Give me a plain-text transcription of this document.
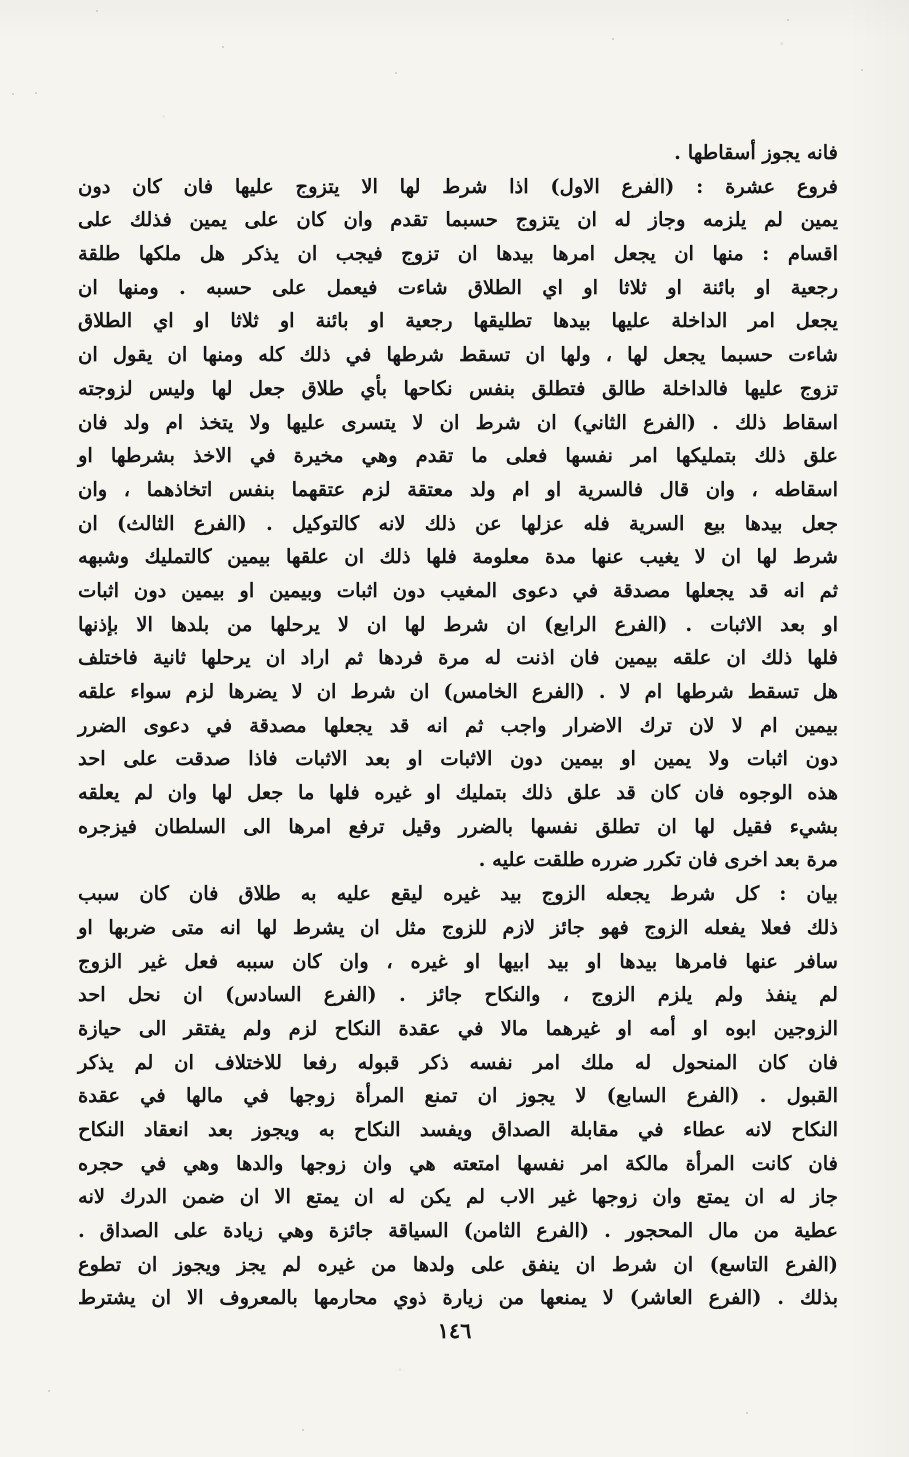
فانه يجوز أسقاطها .
فروع عشرة : (الفرع الاول) اذا شرط لها الا يتزوج عليها فان كان دون
يمين لم يلزمه وجاز له ان يتزوج حسبما تقدم وان كان على يمين فذلك على
اقسام : منها ان يجعل امرها بيدها ان تزوج فيجب ان يذكر هل ملكها طلقة
رجعية او بائنة او ثلاثا او اي الطلاق شاءت فيعمل على حسبه . ومنها ان
يجعل امر الداخلة عليها بيدها تطليقها رجعية او بائنة او ثلاثا او اي الطلاق
شاءت حسبما يجعل لها ، ولها ان تسقط شرطها في ذلك كله ومنها ان يقول ان
تزوج عليها فالداخلة طالق فتطلق بنفس نكاحها بأي طلاق جعل لها وليس لزوجته
اسقاط ذلك . (الفرع الثاني) ان شرط ان لا يتسرى عليها ولا يتخذ ام ولد فان
علق ذلك بتمليكها امر نفسها فعلى ما تقدم وهي مخيرة في الاخذ بشرطها او
اسقاطه ، وان قال فالسرية او ام ولد معتقة لزم عتقهما بنفس اتخاذهما ، وان
جعل بيدها بيع السرية فله عزلها عن ذلك لانه كالتوكيل . (الفرع الثالث) ان
شرط لها ان لا يغيب عنها مدة معلومة فلها ذلك ان علقها بيمين كالتمليك وشبهه
ثم انه قد يجعلها مصدقة في دعوى المغيب دون اثبات وبيمين او بيمين دون اثبات
او بعد الاثبات . (الفرع الرابع) ان شرط لها ان لا يرحلها من بلدها الا بإذنها
فلها ذلك ان علقه بيمين فان اذنت له مرة فردها ثم اراد ان يرحلها ثانية فاختلف
هل تسقط شرطها ام لا . (الفرع الخامس) ان شرط ان لا يضرها لزم سواء علقه
بيمين ام لا لان ترك الاضرار واجب ثم انه قد يجعلها مصدقة في دعوى الضرر
دون اثبات ولا يمين او بيمين دون الاثبات او بعد الاثبات فاذا صدقت على احد
هذه الوجوه فان كان قد علق ذلك بتمليك او غيره فلها ما جعل لها وان لم يعلقه
بشيء فقيل لها ان تطلق نفسها بالضرر وقيل ترفع امرها الى السلطان فيزجره
مرة بعد اخرى فان تكرر ضرره طلقت عليه .
بيان : كل شرط يجعله الزوج بيد غيره ليقع عليه به طلاق فان كان سبب
ذلك فعلا يفعله الزوج فهو جائز لازم للزوج مثل ان يشرط لها انه متى ضربها او
سافر عنها فامرها بيدها او بيد ابيها او غيره ، وان كان سببه فعل غير الزوج
لم ينفذ ولم يلزم الزوج ، والنكاح جائز . (الفرع السادس) ان نحل احد
الزوجين ابوه او أمه او غيرهما مالا في عقدة النكاح لزم ولم يفتقر الى حيازة
فان كان المنحول له ملك امر نفسه ذكر قبوله رفعا للاختلاف ان لم يذكر
القبول . (الفرع السابع) لا يجوز ان تمنع المرأة زوجها في مالها في عقدة
النكاح لانه عطاء في مقابلة الصداق ويفسد النكاح به ويجوز بعد انعقاد النكاح
فان كانت المرأة مالكة امر نفسها امتعته هي وان زوجها والدها وهي في حجره
جاز له ان يمتع وان زوجها غير الاب لم يكن له ان يمتع الا ان ضمن الدرك لانه
عطية من مال المحجور . (الفرع الثامن) السياقة جائزة وهي زيادة على الصداق .
(الفرع التاسع) ان شرط ان ينفق على ولدها من غيره لم يجز ويجوز ان تطوع
بذلك . (الفرع العاشر) لا يمنعها من زيارة ذوي محارمها بالمعروف الا ان يشترط
١٤٦
